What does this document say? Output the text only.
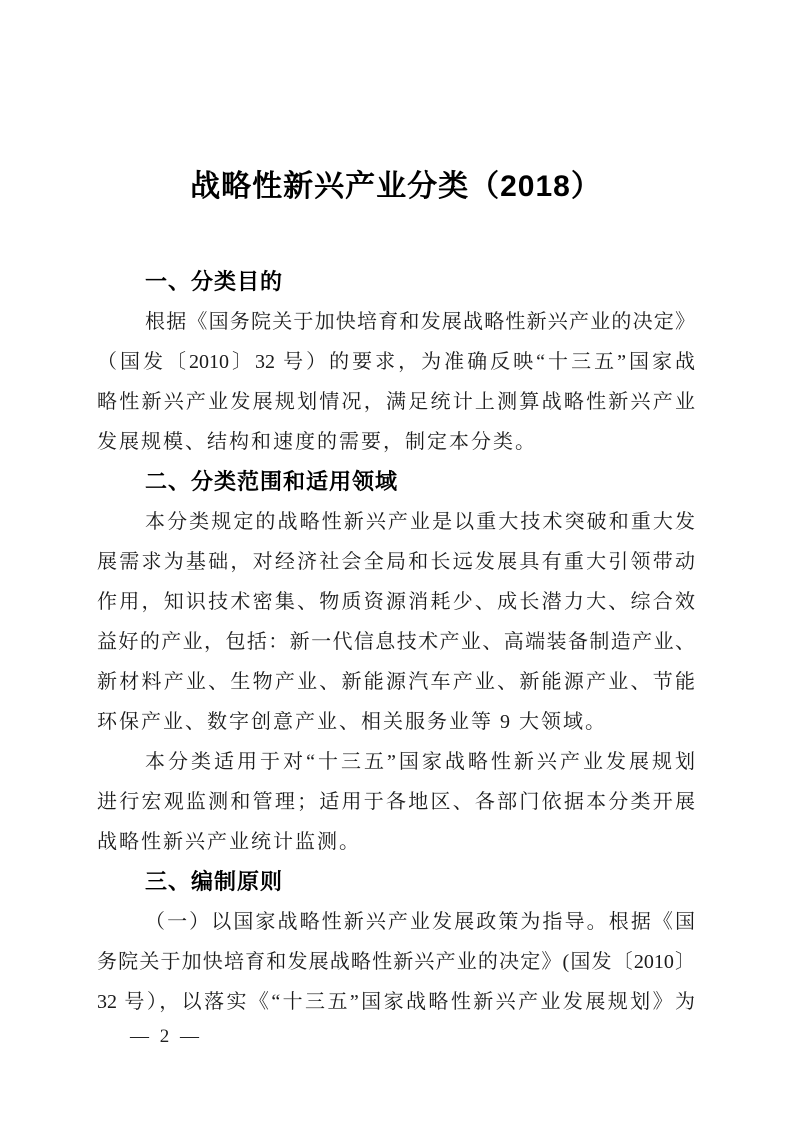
战略性新兴产业分类（2018）
一、分类目的
根据《国务院关于加快培育和发展战略性新兴产业的决定》
（国发〔2010〕32 号）的要求，为准确反映“十三五”国家战
略性新兴产业发展规划情况，满足统计上测算战略性新兴产业
发展规模、结构和速度的需要，制定本分类。
二、分类范围和适用领域
本分类规定的战略性新兴产业是以重大技术突破和重大发
展需求为基础，对经济社会全局和长远发展具有重大引领带动
作用，知识技术密集、物质资源消耗少、成长潜力大、综合效
益好的产业，包括：新一代信息技术产业、高端装备制造产业、
新材料产业、生物产业、新能源汽车产业、新能源产业、节能
环保产业、数字创意产业、相关服务业等 9 大领域。
本分类适用于对“十三五”国家战略性新兴产业发展规划
进行宏观监测和管理；适用于各地区、各部门依据本分类开展
战略性新兴产业统计监测。
三、编制原则
（一）以国家战略性新兴产业发展政策为指导。根据《国
务院关于加快培育和发展战略性新兴产业的决定》(国发〔2010〕
32 号），以落实《“十三五”国家战略性新兴产业发展规划》为
— 2 —
